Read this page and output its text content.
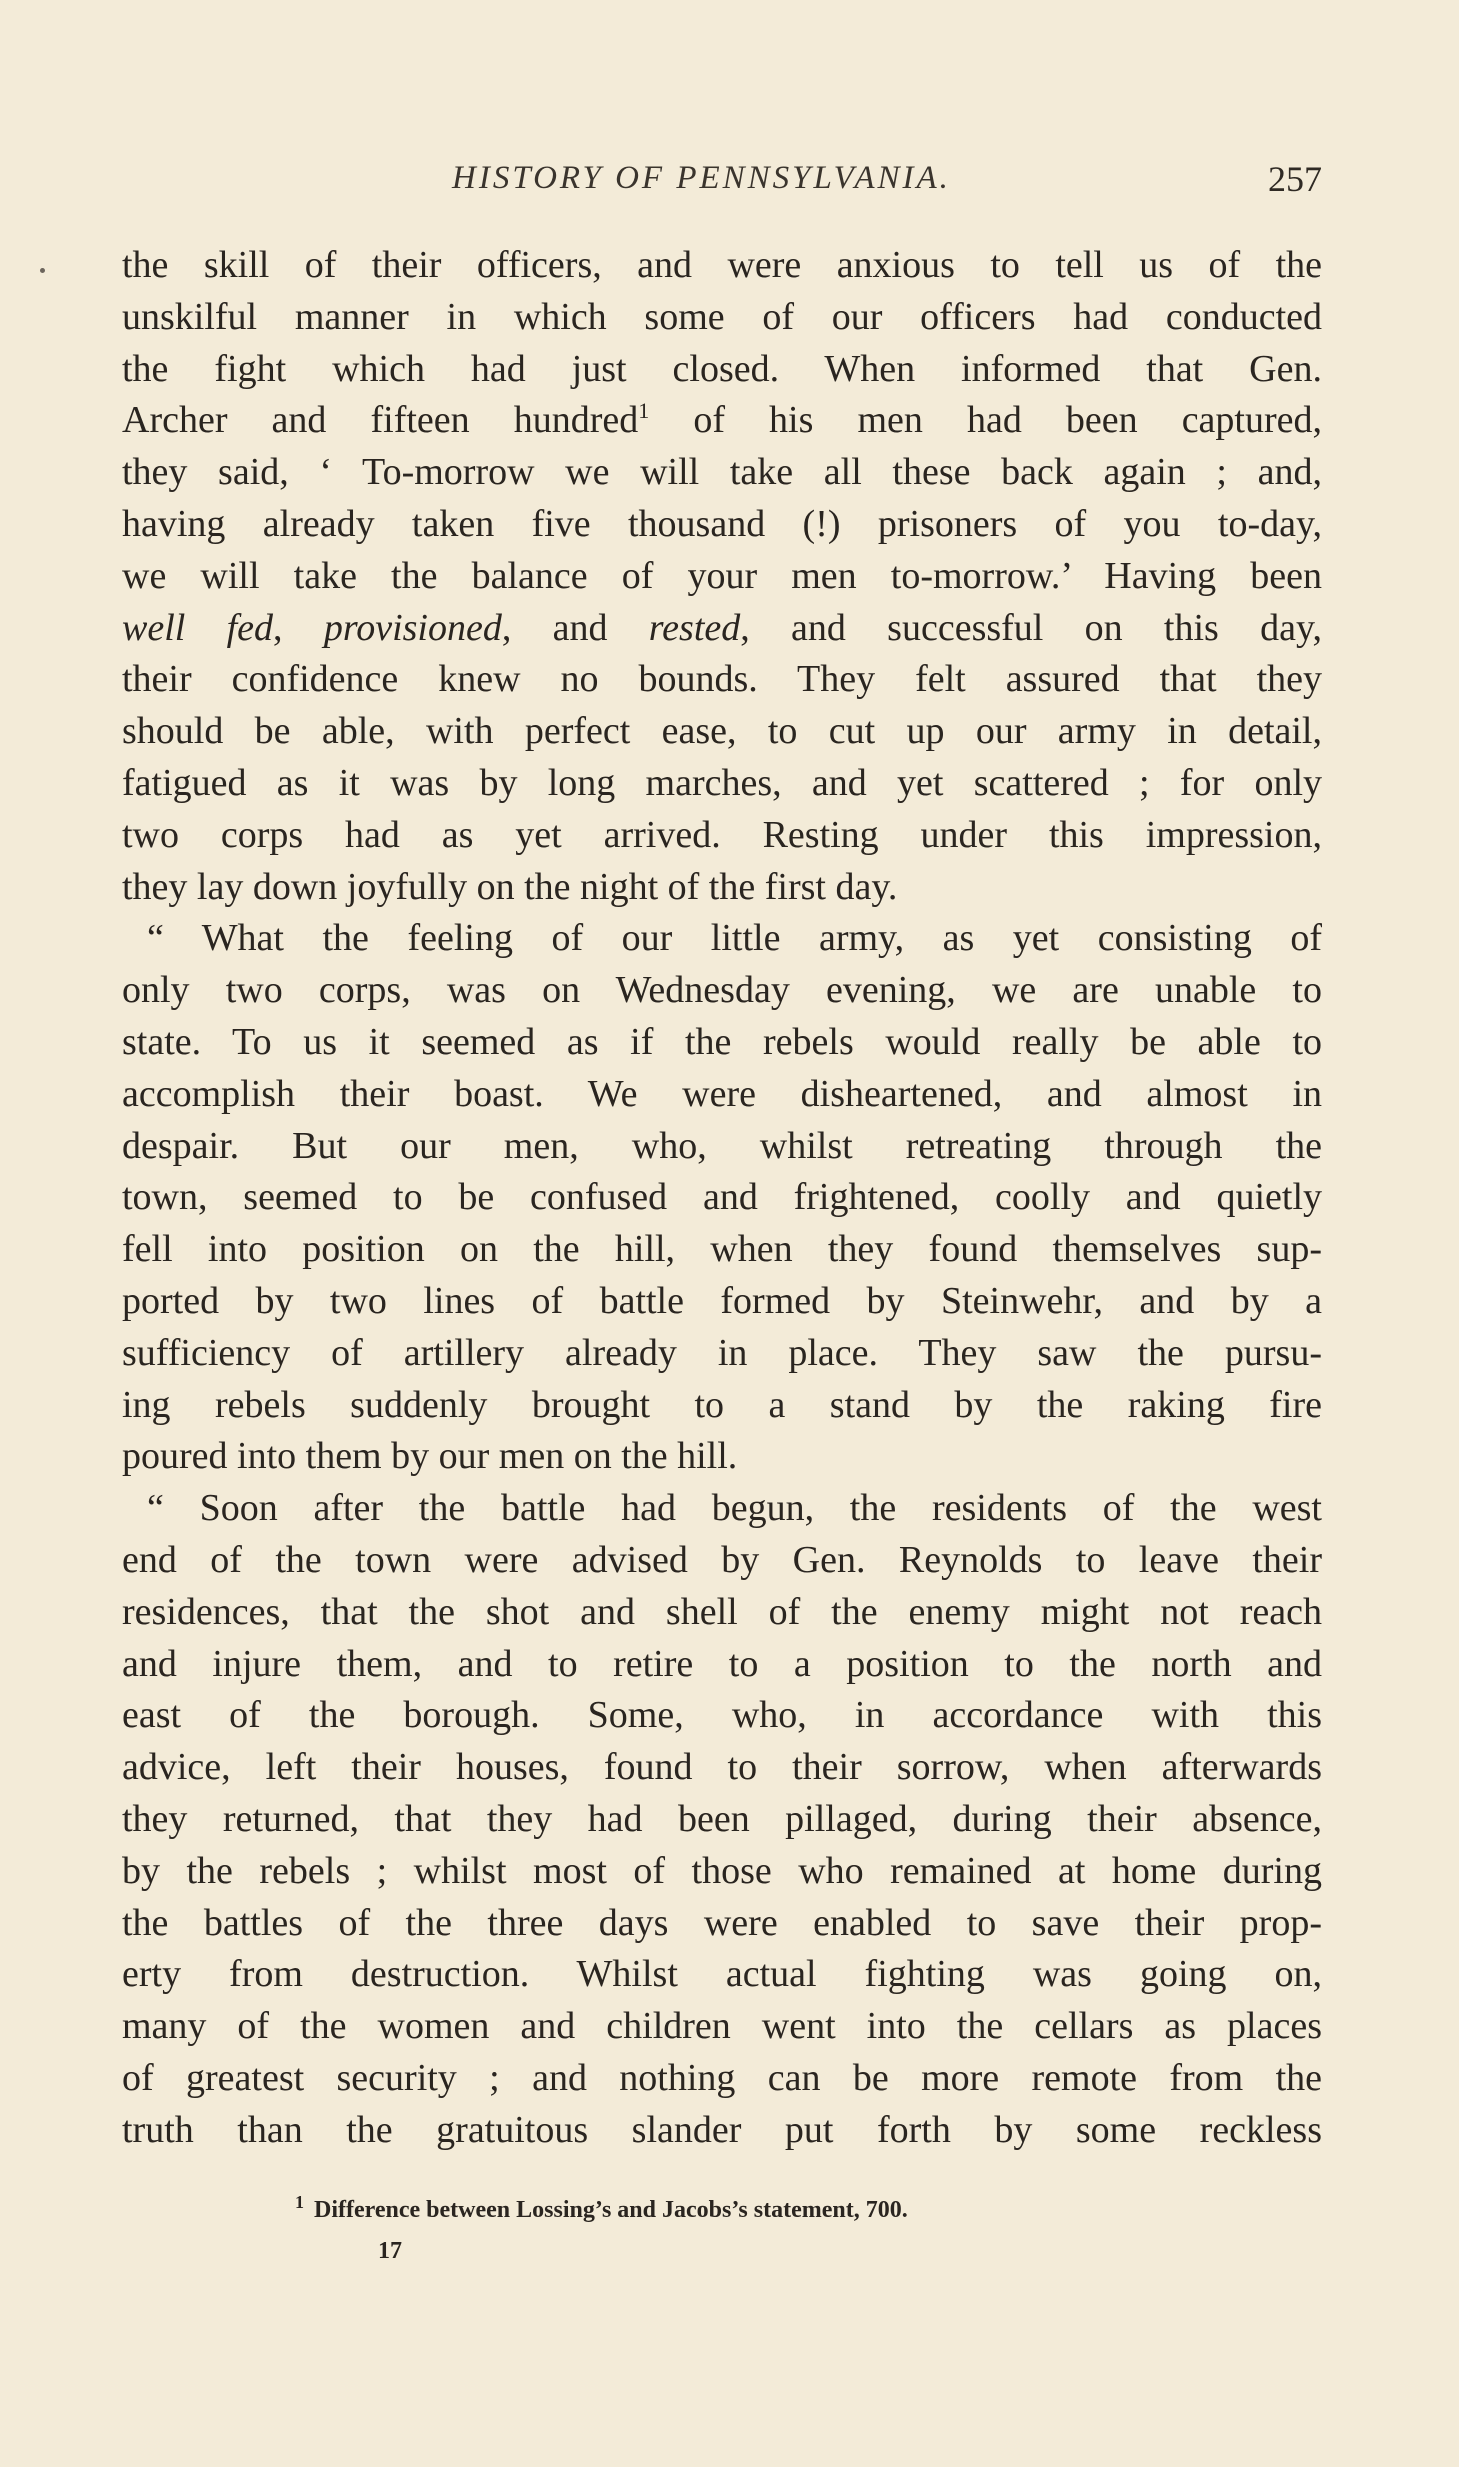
HISTORY OF PENNSYLVANIA.	257
the skill of their officers, and were anxious to tell us of the
unskilful manner in which some of our officers had conducted
the fight which had just closed. When informed that Gen.
Archer and fifteen hundred$^1$ of his men had been captured,
they said, ‘ To-morrow we will take all these back again ; and,
having already taken five thousand (!) prisoners of you to-day,
we will take the balance of your men to-morrow.’ Having been
well fed, provisioned, and rested, and successful on this day,
their confidence knew no bounds. They felt assured that they
should be able, with perfect ease, to cut up our army in detail,
fatigued as it was by long marches, and yet scattered ; for only
two corps had as yet arrived. Resting under this impression,
they lay down joyfully on the night of the first day.
“ What the feeling of our little army, as yet consisting of
only two corps, was on Wednesday evening, we are unable to
state. To us it seemed as if the rebels would really be able to
accomplish their boast. We were disheartened, and almost in
despair. But our men, who, whilst retreating through the
town, seemed to be confused and frightened, coolly and quietly
fell into position on the hill, when they found themselves sup-
ported by two lines of battle formed by Steinwehr, and by a
sufficiency of artillery already in place. They saw the pursu-
ing rebels suddenly brought to a stand by the raking fire
poured into them by our men on the hill.
“ Soon after the battle had begun, the residents of the west
end of the town were advised by Gen. Reynolds to leave their
residences, that the shot and shell of the enemy might not reach
and injure them, and to retire to a position to the north and
east of the borough. Some, who, in accordance with this
advice, left their houses, found to their sorrow, when afterwards
they returned, that they had been pillaged, during their absence,
by the rebels ; whilst most of those who remained at home during
the battles of the three days were enabled to save their prop-
erty from destruction. Whilst actual fighting was going on,
many of the women and children went into the cellars as places
of greatest security ; and nothing can be more remote from the
truth than the gratuitous slander put forth by some reckless
$^1$ Difference between Lossing’s and Jacobs’s statement, 700.
17
